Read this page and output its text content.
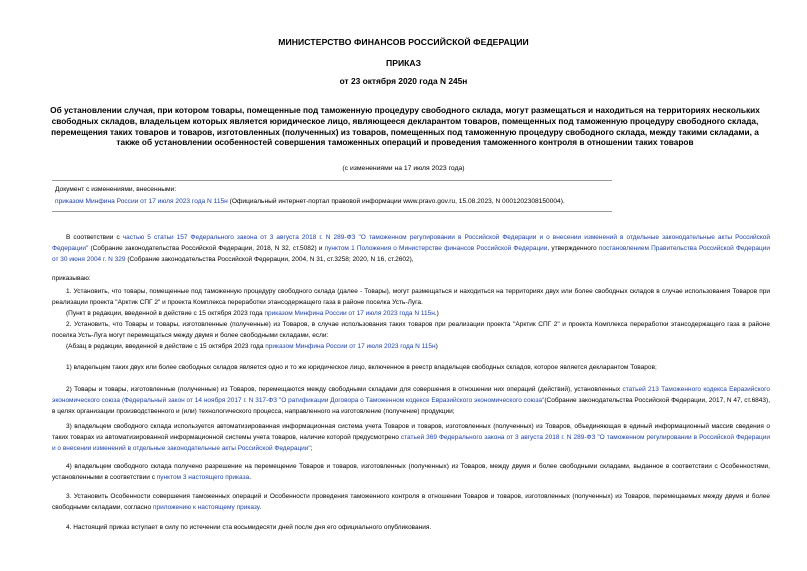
МИНИСТЕРСТВО ФИНАНСОВ РОССИЙСКОЙ ФЕДЕРАЦИИ
ПРИКАЗ
от 23 октября 2020 года N 245н
Об установлении случая, при котором товары, помещенные под таможенную процедуру свободного склада, могут размещаться и находиться на территориях нескольких свободных складов, владельцем которых является юридическое лицо, являющееся декларантом товаров, помещенных под таможенную процедуру свободного склада, перемещения таких товаров и товаров, изготовленных (полученных) из товаров, помещенных под таможенную процедуру свободного склада, между такими складами, а также об установлении особенностей совершения таможенных операций и проведения таможенного контроля в отношении таких товаров
(с изменениями на 17 июля 2023 года)
Документ с изменениями, внесенными:
приказом Минфина России от 17 июля 2023 года N 115н (Официальный интернет-портал правовой информации www.pravo.gov.ru, 15.08.2023, N 0001202308150004).
В соответствии с частью 5 статьи 157 Федерального закона от 3 августа 2018 г. N 289-ФЗ "О таможенном регулировании в Российской Федерации и о внесении изменений в отдельные законодательные акты Российской Федерации" (Собрание законодательства Российской Федерации, 2018, N 32, ст.5082) и пунктом 1 Положения о Министерстве финансов Российской Федерации, утвержденного постановлением Правительства Российской Федерации от 30 июня 2004 г. N 329 (Собрание законодательства Российской Федерации, 2004, N 31, ст.3258; 2020, N 16, ст.2602),
приказываю:
1. Установить, что товары, помещенные под таможенную процедуру свободного склада (далее - Товары), могут размещаться и находиться на территориях двух или более свободных складов в случае использования Товаров при реализации проекта "Арктик СПГ 2" и проекта Комплекса переработки этансодержащего газа в районе поселка Усть-Луга.
(Пункт в редакции, введенной в действие с 15 октября 2023 года приказом Минфина России от 17 июля 2023 года N 115н.)
2. Установить, что Товары и товары, изготовленные (полученные) из Товаров, в случае использования таких товаров при реализации проекта "Арктик СПГ 2" и проекта Комплекса переработки этансодержащего газа в районе поселка Усть-Луга могут перемещаться между двумя и более свободными складами, если:
(Абзац в редакции, введенной в действие с 15 октября 2023 года приказом Минфина России от 17 июля 2023 года N 115н)
1) владельцем таких двух или более свободных складов является одно и то же юридическое лицо, включенное в реестр владельцев свободных складов, которое является декларантом Товаров;
2) Товары и товары, изготовленные (полученные) из Товаров, перемещаются между свободными складами для совершения в отношении них операций (действий), установленных статьей 213 Таможенного кодекса Евразийского экономического союза (Федеральный закон от 14 ноября 2017 г. N 317-ФЗ "О ратификации Договора о Таможенном кодексе Евразийского экономического союза"(Собрание законодательства Российской Федерации, 2017, N 47, ст.6843), в целях организации производственного и (или) технологического процесса, направленного на изготовление (получение) продукции;
3) владельцем свободного склада используется автоматизированная информационная система учета Товаров и товаров, изготовленных (полученных) из Товаров, объединяющая в единый информационный массив сведения о таких товарах из автоматизированной информационной системы учета товаров, наличие которой предусмотрено статьей 369 Федерального закона от 3 августа 2018 г. N 289-ФЗ "О таможенном регулировании в Российской Федерации и о внесении изменений в отдельные законодательные акты Российской Федерации";
4) владельцем свободного склада получено разрешение на перемещение Товаров и товаров, изготовленных (полученных) из Товаров, между двумя и более свободными складами, выданное в соответствии с Особенностями, установленными в соответствии с пунктом 3 настоящего приказа.
3. Установить Особенности совершения таможенных операций и Особенности проведения таможенного контроля в отношении Товаров и товаров, изготовленных (полученных) из Товаров, перемещаемых между двумя и более свободными складами, согласно приложению к настоящему приказу.
4. Настоящий приказ вступает в силу по истечении ста восьмидесяти дней после дня его официального опубликования.
